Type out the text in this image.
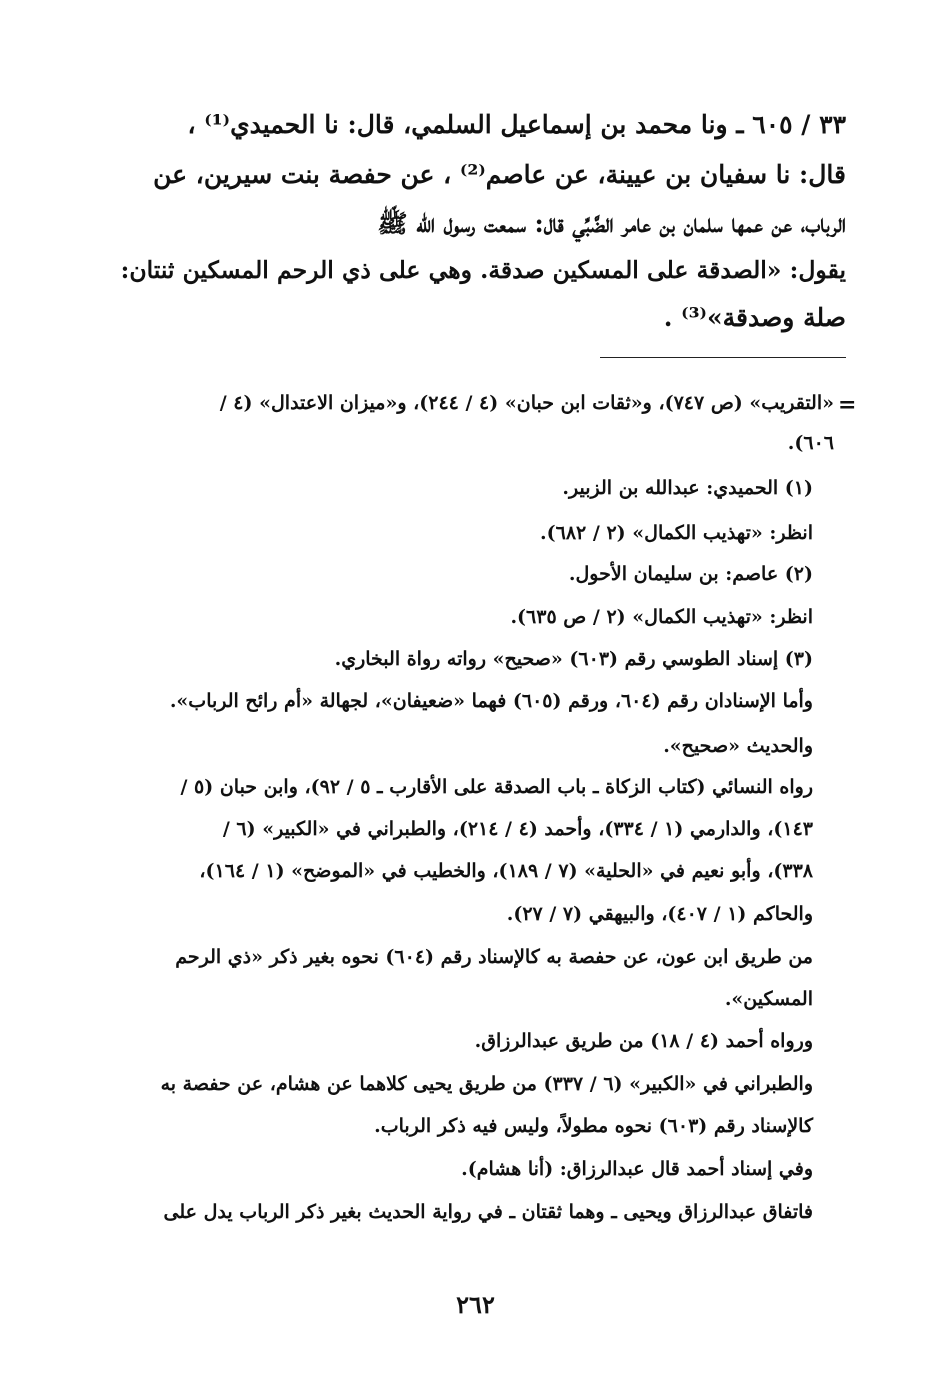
٣٣ / ٦٠٥ ـ ونا محمد بن إسماعيل السلمي، قال: نا الحميدي⁽¹⁾ ،
قال: نا سفيان بن عيينة، عن عاصم⁽²⁾ ، عن حفصة بنت سيرين، عن
الرباب، عن عمها سلمان بن عامر الضَّبِّي قال: سمعت رسول الله ﷺ
يقول: «الصدقة على المسكين صدقة. وهي على ذي الرحم المسكين ثنتان:
صلة وصدقة»⁽³⁾ .
=
«التقريب» (ص ٧٤٧)، و«ثقات ابن حبان» (٤ / ٢٤٤)، و«ميزان الاعتدال» (٤ /
٦٠٦).
(١) الحميدي: عبدالله بن الزبير.
انظر: «تهذيب الكمال» (٢ / ٦٨٢).
(٢) عاصم: بن سليمان الأحول.
انظر: «تهذيب الكمال» (٢ / ص ٦٣٥).
(٣) إسناد الطوسي رقم (٦٠٣) «صحيح» رواته رواة البخاري.
وأما الإسنادان رقم (٦٠٤، ورقم (٦٠٥) فهما «ضعيفان»، لجهالة «أم رائح الرباب».
والحديث «صحيح».
رواه النسائي (كتاب الزكاة ـ باب الصدقة على الأقارب ـ ٥ / ٩٢)، وابن حبان (٥ /
١٤٣)، والدارمي (١ / ٣٣٤)، وأحمد (٤ / ٢١٤)، والطبراني في «الكبير» (٦ /
٣٣٨)، وأبو نعيم في «الحلية» (٧ / ١٨٩)، والخطيب في «الموضح» (١ / ١٦٤)،
والحاكم (١ / ٤٠٧)، والبيهقي (٧ / ٢٧).
من طريق ابن عون، عن حفصة به كالإسناد رقم (٦٠٤) نحوه بغير ذكر «ذي الرحم
المسكين».
ورواه أحمد (٤ / ١٨) من طريق عبدالرزاق.
والطبراني في «الكبير» (٦ / ٣٣٧) من طريق يحيى كلاهما عن هشام، عن حفصة به
كالإسناد رقم (٦٠٣) نحوه مطولاً، وليس فيه ذكر الرباب.
وفي إسناد أحمد قال عبدالرزاق: (أنا هشام).
فاتفاق عبدالرزاق ويحيى ـ وهما ثقتان ـ في رواية الحديث بغير ذكر الرباب يدل على
٢٦٢
